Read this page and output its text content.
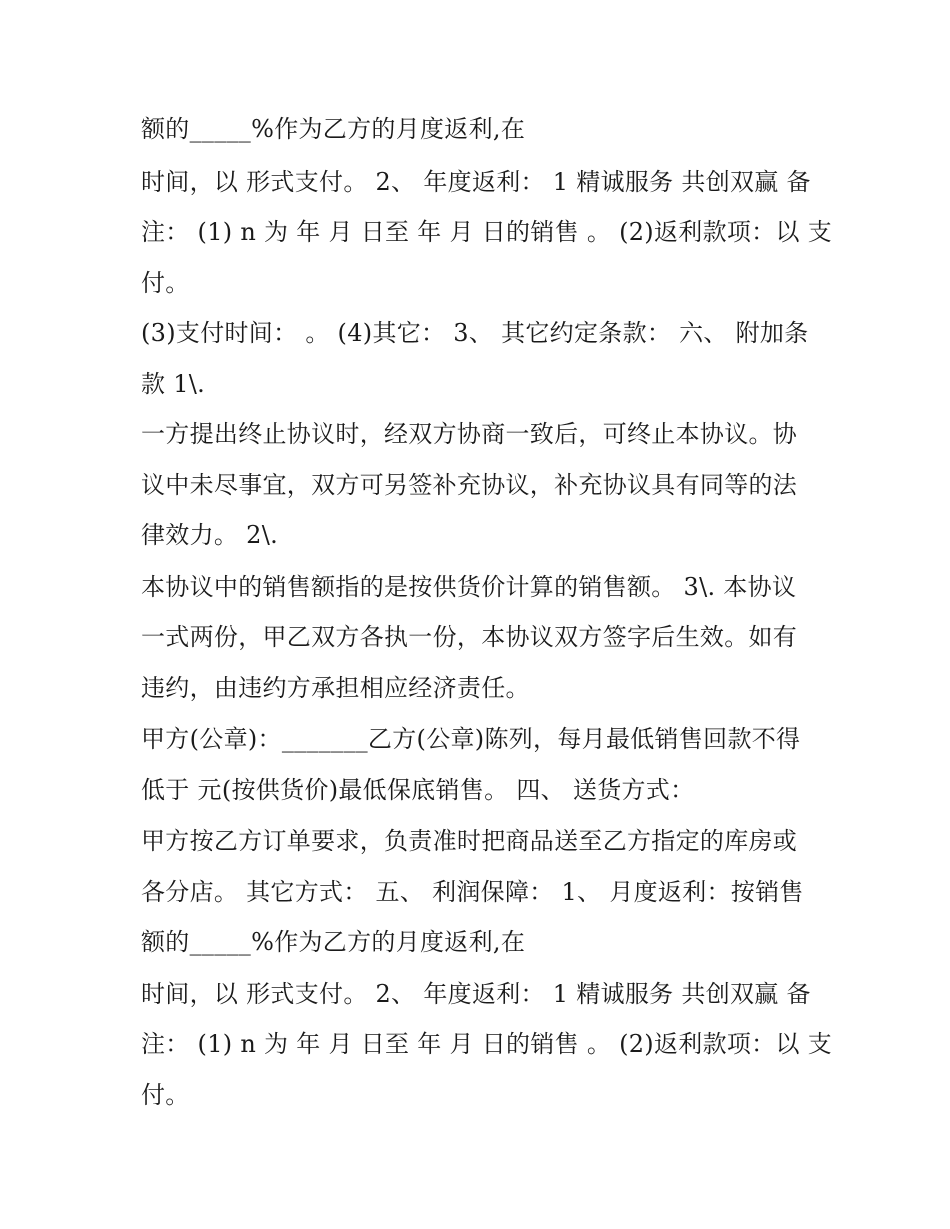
额的_____%作为乙方的月度返利,在
时间，以 形式支付。 2、 年度返利： 1 精诚服务 共创双赢 备
注： (1) n 为 年 月 日至 年 月 日的销售 。 (2)返利款项：以 支
付。
(3)支付时间： 。 (4)其它： 3、 其它约定条款： 六、 附加条
款 1\.
一方提出终止协议时，经双方协商一致后，可终止本协议。协
议中未尽事宜，双方可另签补充协议，补充协议具有同等的法
律效力。 2\.
本协议中的销售额指的是按供货价计算的销售额。 3\. 本协议
一式两份，甲乙双方各执一份，本协议双方签字后生效。如有
违约，由违约方承担相应经济责任。
甲方(公章)：_______乙方(公章)陈列，每月最低销售回款不得
低于 元(按供货价)最低保底销售。 四、 送货方式：
甲方按乙方订单要求，负责准时把商品送至乙方指定的库房或
各分店。 其它方式： 五、 利润保障： 1、 月度返利：按销售
额的_____%作为乙方的月度返利,在
时间，以 形式支付。 2、 年度返利： 1 精诚服务 共创双赢 备
注： (1) n 为 年 月 日至 年 月 日的销售 。 (2)返利款项：以 支
付。
